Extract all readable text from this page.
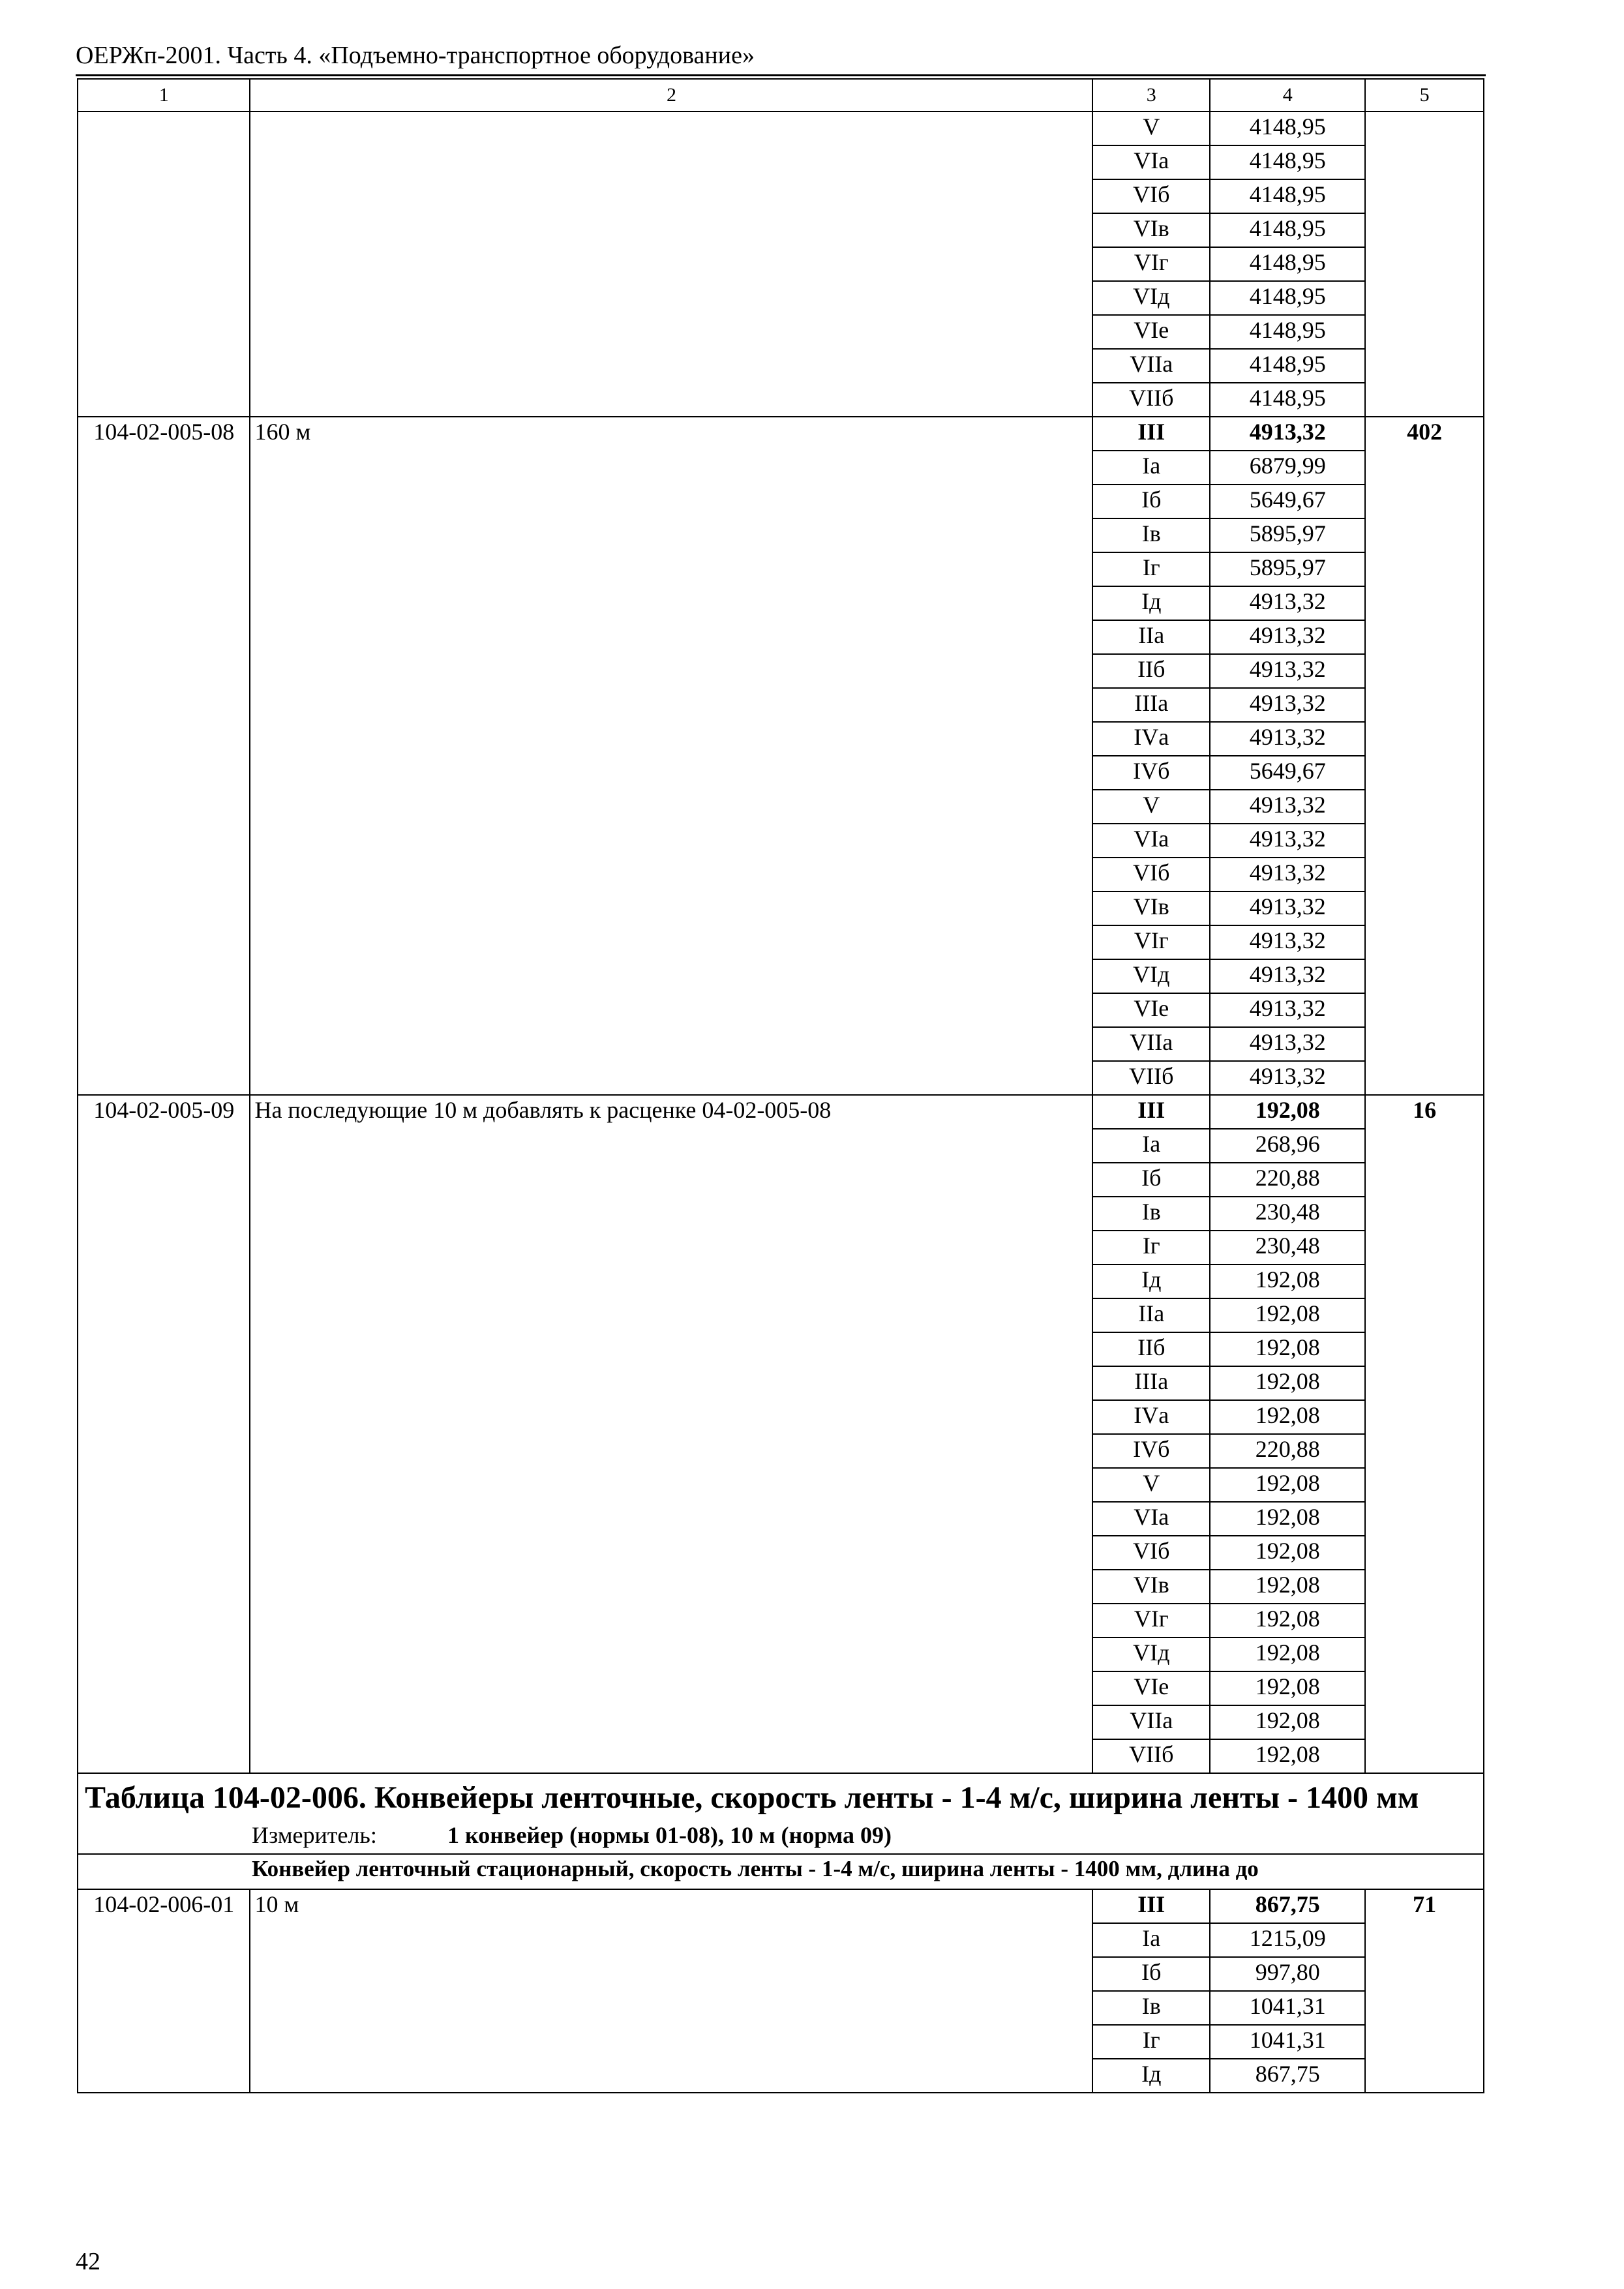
ОЕРЖп-2001. Часть 4. «Подъемно-транспортное оборудование»
1	2	3	4	5
		V	4148,95	
		VIа	4148,95	
		VIб	4148,95	
		VIв	4148,95	
		VIг	4148,95	
		VIд	4148,95	
		VIе	4148,95	
		VIIа	4148,95	
		VIIб	4148,95	
104-02-005-08	160 м	III	4913,32	402
		Iа	6879,99	
		Iб	5649,67	
		Iв	5895,97	
		Iг	5895,97	
		Iд	4913,32	
		IIа	4913,32	
		IIб	4913,32	
		IIIа	4913,32	
		IVа	4913,32	
		IVб	5649,67	
		V	4913,32	
		VIа	4913,32	
		VIб	4913,32	
		VIв	4913,32	
		VIг	4913,32	
		VIд	4913,32	
		VIе	4913,32	
		VIIа	4913,32	
		VIIб	4913,32	
104-02-005-09	На последующие 10 м добавлять к расценке 04-02-005-08	III	192,08	16
		Iа	268,96	
		Iб	220,88	
		Iв	230,48	
		Iг	230,48	
		Iд	192,08	
		IIа	192,08	
		IIб	192,08	
		IIIа	192,08	
		IVа	192,08	
		IVб	220,88	
		V	192,08	
		VIа	192,08	
		VIб	192,08	
		VIв	192,08	
		VIг	192,08	
		VIд	192,08	
		VIе	192,08	
		VIIа	192,08	
		VIIб	192,08	

Таблица 104-02-006. Конвейеры ленточные, скорость ленты - 1-4 м/с, ширина ленты - 1400 мм				

Измеритель: 1 конвейер (нормы 01-08), 10 м (норма 09)				
Конвейер ленточный стационарный, скорость ленты - 1-4 м/с, ширина ленты - 1400 мм, длина до				
104-02-006-01	10 м	III	867,75	71
		Iа	1215,09	
		Iб	997,80	
		Iв	1041,31	
		Iг	1041,31	
		Iд	867,75	
42
